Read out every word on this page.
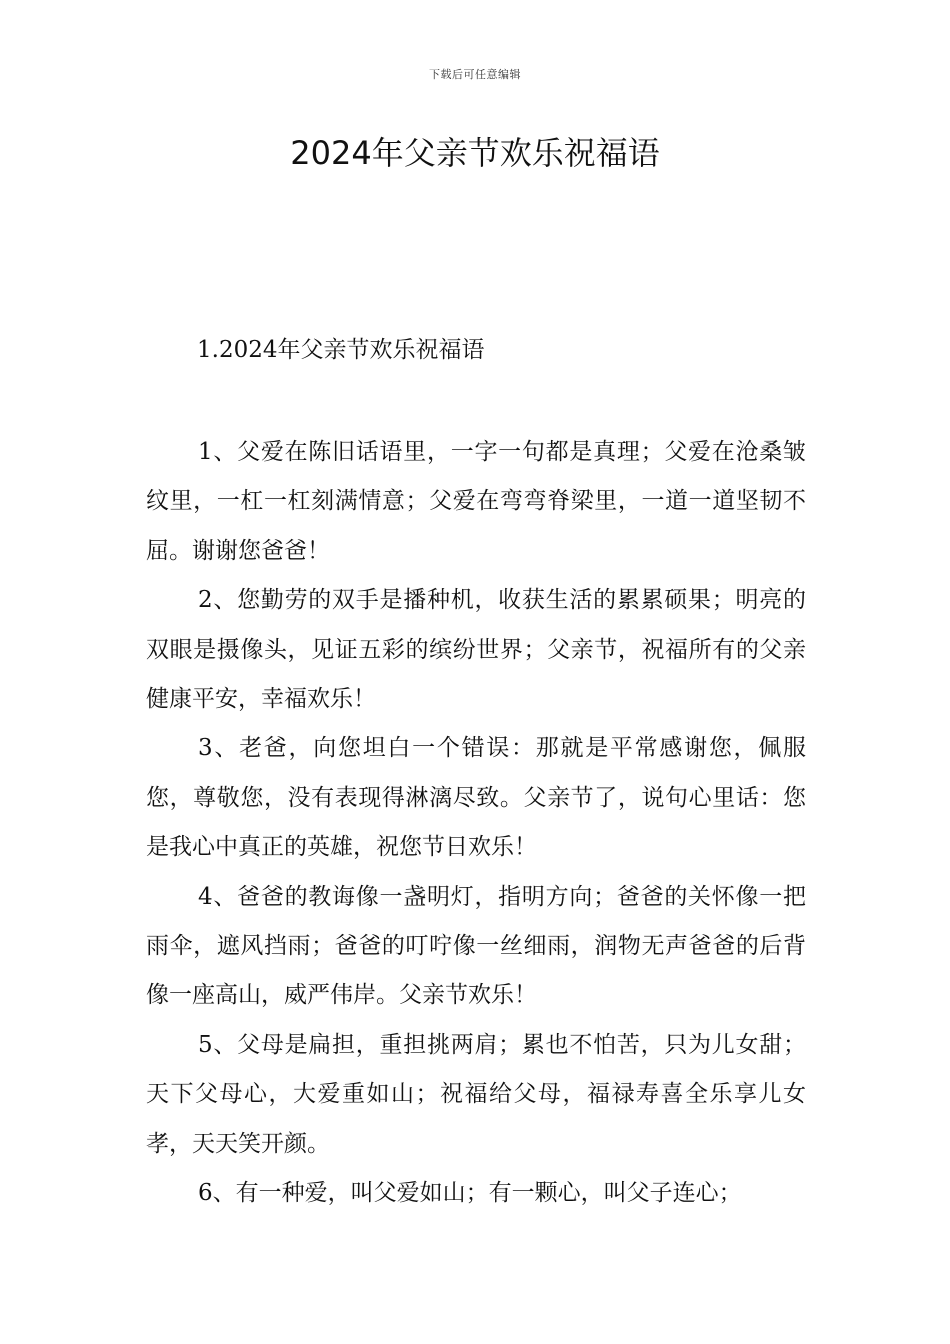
下载后可任意编辑
2024年父亲节欢乐祝福语

1.2024年父亲节欢乐祝福语

1、父爱在陈旧话语里，一字一句都是真理；父爱在沧桑皱纹里，一杠一杠刻满情意；父爱在弯弯脊梁里，一道一道坚韧不屈。谢谢您爸爸！

2、您勤劳的双手是播种机，收获生活的累累硕果；明亮的双眼是摄像头，见证五彩的缤纷世界；父亲节，祝福所有的父亲健康平安，幸福欢乐！

3、老爸，向您坦白一个错误：那就是平常感谢您，佩服您，尊敬您，没有表现得淋漓尽致。父亲节了，说句心里话：您是我心中真正的英雄，祝您节日欢乐！

4、爸爸的教诲像一盏明灯，指明方向；爸爸的关怀像一把雨伞，遮风挡雨；爸爸的叮咛像一丝细雨，润物无声爸爸的后背像一座高山，威严伟岸。父亲节欢乐！

5、父母是扁担，重担挑两肩；累也不怕苦，只为儿女甜；天下父母心，大爱重如山；祝福给父母，福禄寿喜全乐享儿女孝，天天笑开颜。

6、有一种爱，叫父爱如山；有一颗心，叫父子连心；
